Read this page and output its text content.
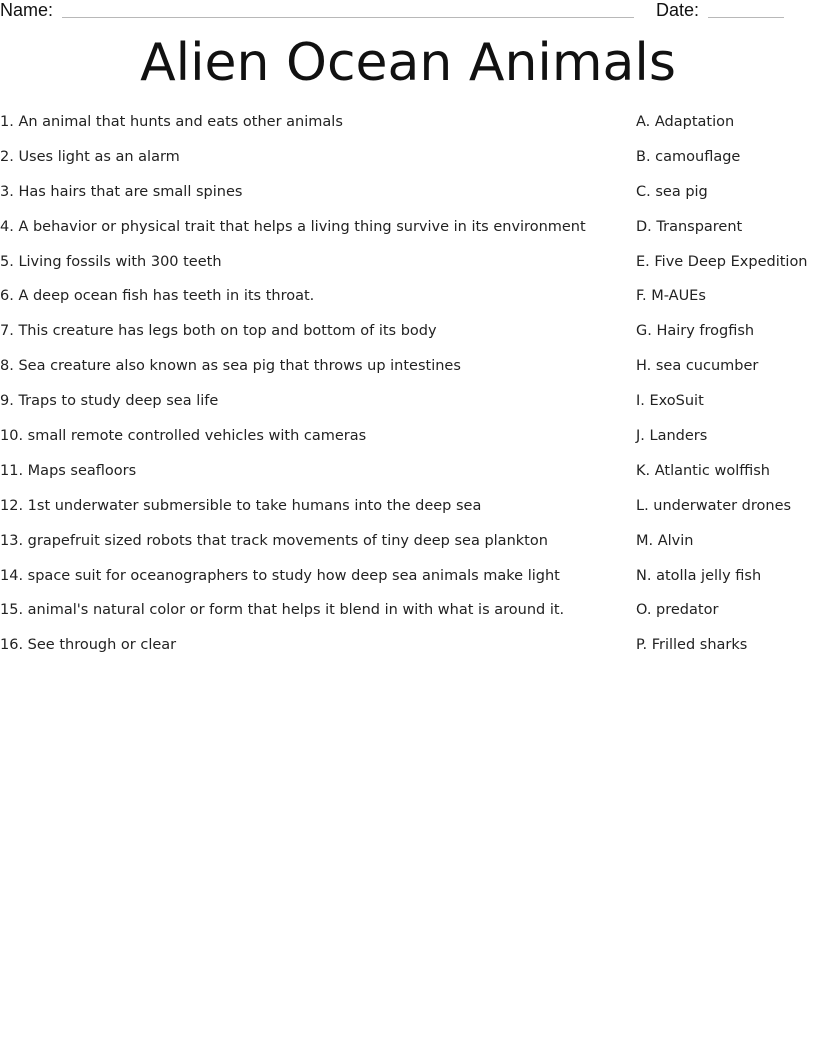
Name:	Date:
Alien Ocean Animals
1. An animal that hunts and eats other animals
2. Uses light as an alarm
3. Has hairs that are small spines
4. A behavior or physical trait that helps a living thing survive in its environment
5. Living fossils with 300 teeth
6. A deep ocean fish has teeth in its throat.
7. This creature has legs both on top and bottom of its body
8. Sea creature also known as sea pig that throws up intestines
9. Traps to study deep sea life
10. small remote controlled vehicles with cameras
11. Maps seafloors
12. 1st underwater submersible to take humans into the deep sea
13. grapefruit sized robots that track movements of tiny deep sea plankton
14. space suit for oceanographers to study how deep sea animals make light
15. animal's natural color or form that helps it blend in with what is around it.
16. See through or clear
A. Adaptation
B. camouflage
C. sea pig
D. Transparent
E. Five Deep Expedition
F. M-AUEs
G. Hairy frogfish
H. sea cucumber
I. ExoSuit
J. Landers
K. Atlantic wolffish
L. underwater drones
M. Alvin
N. atolla jelly fish
O. predator
P. Frilled sharks
